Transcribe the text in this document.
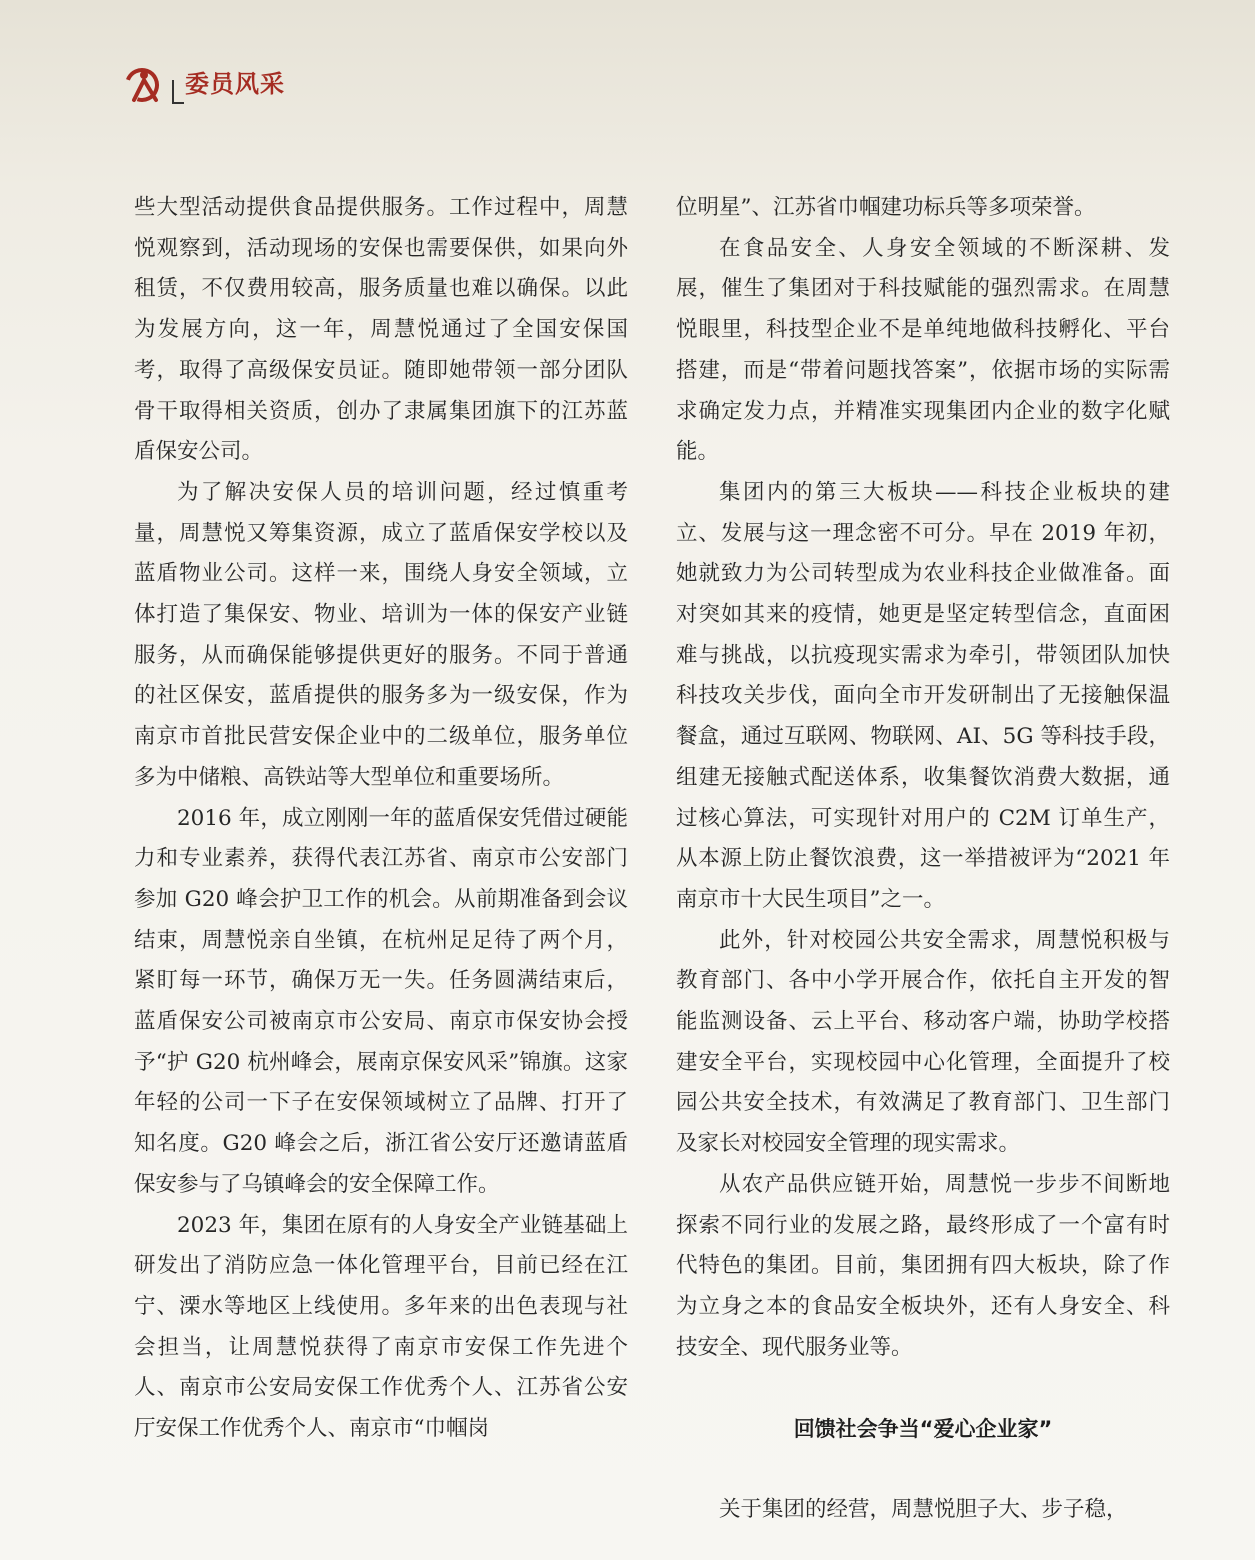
委员风采

些大型活动提供食品提供服务。工作过程中，周慧悦观察到，活动现场的安保也需要保供，如果向外租赁，不仅费用较高，服务质量也难以确保。以此为发展方向，这一年，周慧悦通过了全国安保国考，取得了高级保安员证。随即她带领一部分团队骨干取得相关资质，创办了隶属集团旗下的江苏蓝盾保安公司。

为了解决安保人员的培训问题，经过慎重考量，周慧悦又筹集资源，成立了蓝盾保安学校以及蓝盾物业公司。这样一来，围绕人身安全领域，立体打造了集保安、物业、培训为一体的保安产业链服务，从而确保能够提供更好的服务。不同于普通的社区保安，蓝盾提供的服务多为一级安保，作为南京市首批民营安保企业中的二级单位，服务单位多为中储粮、高铁站等大型单位和重要场所。

2016 年，成立刚刚一年的蓝盾保安凭借过硬能力和专业素养，获得代表江苏省、南京市公安部门参加 G20 峰会护卫工作的机会。从前期准备到会议结束，周慧悦亲自坐镇，在杭州足足待了两个月，紧盯每一环节，确保万无一失。任务圆满结束后，蓝盾保安公司被南京市公安局、南京市保安协会授予“护 G20 杭州峰会，展南京保安风采”锦旗。这家年轻的公司一下子在安保领域树立了品牌、打开了知名度。G20 峰会之后，浙江省公安厅还邀请蓝盾保安参与了乌镇峰会的安全保障工作。

2023 年，集团在原有的人身安全产业链基础上研发出了消防应急一体化管理平台，目前已经在江宁、溧水等地区上线使用。多年来的出色表现与社会担当，让周慧悦获得了南京市安保工作先进个人、南京市公安局安保工作优秀个人、江苏省公安厅安保工作优秀个人、南京市“巾帼岗

位明星”、江苏省巾帼建功标兵等多项荣誉。

在食品安全、人身安全领域的不断深耕、发展，催生了集团对于科技赋能的强烈需求。在周慧悦眼里，科技型企业不是单纯地做科技孵化、平台搭建，而是“带着问题找答案”，依据市场的实际需求确定发力点，并精准实现集团内企业的数字化赋能。

集团内的第三大板块——科技企业板块的建立、发展与这一理念密不可分。早在 2019 年初，她就致力为公司转型成为农业科技企业做准备。面对突如其来的疫情，她更是坚定转型信念，直面困难与挑战，以抗疫现实需求为牵引，带领团队加快科技攻关步伐，面向全市开发研制出了无接触保温餐盒，通过互联网、物联网、AI、5G 等科技手段，组建无接触式配送体系，收集餐饮消费大数据，通过核心算法，可实现针对用户的 C2M 订单生产，从本源上防止餐饮浪费，这一举措被评为“2021 年南京市十大民生项目”之一。

此外，针对校园公共安全需求，周慧悦积极与教育部门、各中小学开展合作，依托自主开发的智能监测设备、云上平台、移动客户端，协助学校搭建安全平台，实现校园中心化管理，全面提升了校园公共安全技术，有效满足了教育部门、卫生部门及家长对校园安全管理的现实需求。

从农产品供应链开始，周慧悦一步步不间断地探索不同行业的发展之路，最终形成了一个富有时代特色的集团。目前，集团拥有四大板块，除了作为立身之本的食品安全板块外，还有人身安全、科技安全、现代服务业等。

回馈社会争当“爱心企业家”

关于集团的经营，周慧悦胆子大、步子稳，
